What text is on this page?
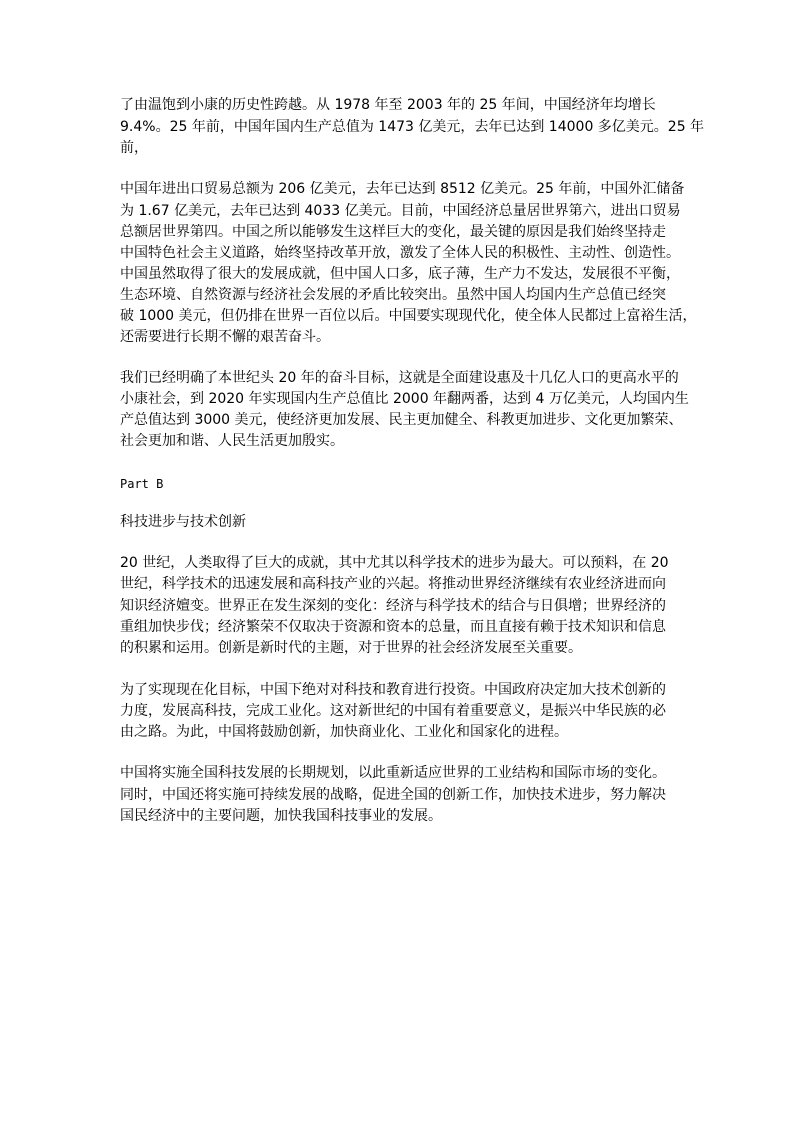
了由温饱到小康的历史性跨越。从 1978 年至 2003 年的 25 年间，中国经济年均增长
9.4%。25 年前，中国年国内生产总值为 1473 亿美元，去年已达到 14000 多亿美元。25 年
前，
中国年进出口贸易总额为 206 亿美元，去年已达到 8512 亿美元。25 年前，中国外汇储备
为 1.67 亿美元，去年已达到 4033 亿美元。目前，中国经济总量居世界第六，进出口贸易
总额居世界第四。中国之所以能够发生这样巨大的变化，最关键的原因是我们始终坚持走
中国特色社会主义道路，始终坚持改革开放，激发了全体人民的积极性、主动性、创造性。
中国虽然取得了很大的发展成就，但中国人口多，底子薄，生产力不发达，发展很不平衡，
生态环境、自然资源与经济社会发展的矛盾比较突出。虽然中国人均国内生产总值已经突
破 1000 美元，但仍排在世界一百位以后。中国要实现现代化，使全体人民都过上富裕生活，
还需要进行长期不懈的艰苦奋斗。
我们已经明确了本世纪头 20 年的奋斗目标，这就是全面建设惠及十几亿人口的更高水平的
小康社会，到 2020 年实现国内生产总值比 2000 年翻两番，达到 4 万亿美元，人均国内生
产总值达到 3000 美元，使经济更加发展、民主更加健全、科教更加进步、文化更加繁荣、
社会更加和谐、人民生活更加殷实。
Part B
科技进步与技术创新
20 世纪，人类取得了巨大的成就，其中尤其以科学技术的进步为最大。可以预料，在 20
世纪，科学技术的迅速发展和高科技产业的兴起。将推动世界经济继续有农业经济进而向
知识经济嬗变。世界正在发生深刻的变化：经济与科学技术的结合与日俱增；世界经济的
重组加快步伐；经济繁荣不仅取决于资源和资本的总量，而且直接有赖于技术知识和信息
的积累和运用。创新是新时代的主题，对于世界的社会经济发展至关重要。
为了实现现在化目标，中国下绝对对科技和教育进行投资。中国政府决定加大技术创新的
力度，发展高科技，完成工业化。这对新世纪的中国有着重要意义，是振兴中华民族的必
由之路。为此，中国将鼓励创新，加快商业化、工业化和国家化的进程。
中国将实施全国科技发展的长期规划，以此重新适应世界的工业结构和国际市场的变化。
同时，中国还将实施可持续发展的战略，促进全国的创新工作，加快技术进步，努力解决
国民经济中的主要问题，加快我国科技事业的发展。
